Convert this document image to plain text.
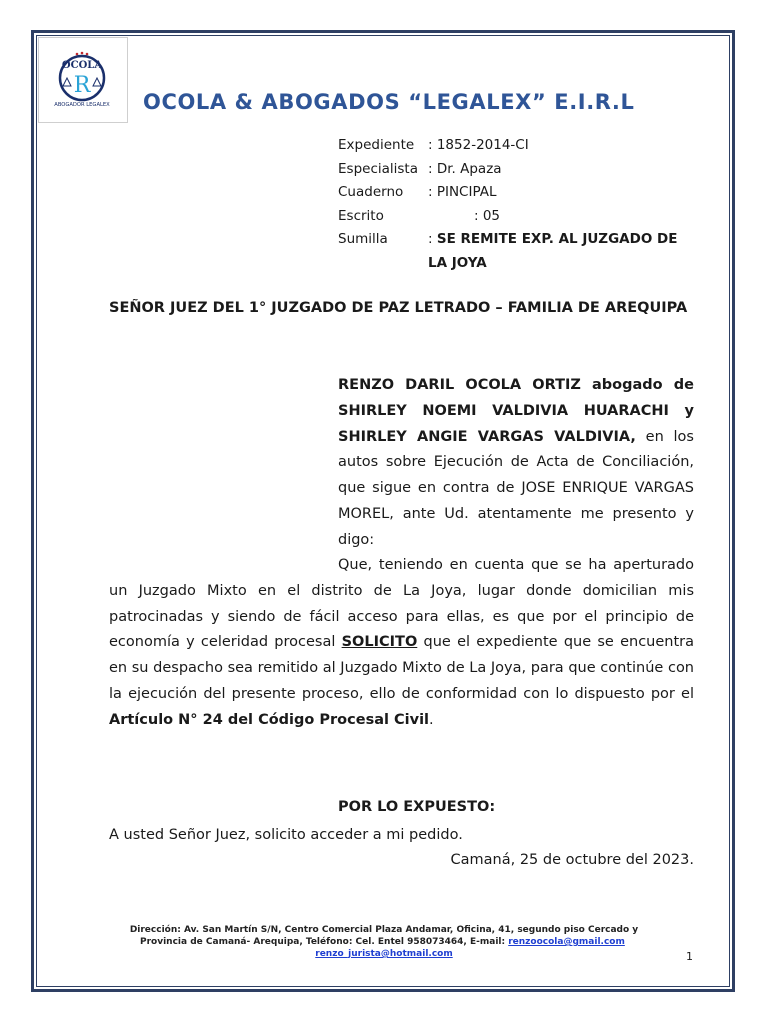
OCOLA
R
ABOGADOR LEGALEX OCOLA & ABOGADOS “LEGALEX” E.I.R.L
Expediente	: 1852-2014-CI
Especialista : Dr. Apaza
Cuaderno	: PINCIPAL
Escrito	: 05
Sumilla	: SE REMITE EXP. AL JUZGADO DE LA JOYA
SEÑOR JUEZ DEL 1° JUZGADO DE PAZ LETRADO – FAMILIA DE AREQUIPA
RENZO DARIL OCOLA ORTIZ abogado de SHIRLEY NOEMI VALDIVIA HUARACHI y SHIRLEY ANGIE VARGAS VALDIVIA, en los autos sobre Ejecución de Acta de Conciliación, que sigue en contra de JOSE ENRIQUE VARGAS MOREL, ante Ud. atentamente me presento y digo:
Que, teniendo en cuenta que se ha aperturado un Juzgado Mixto en el distrito de La Joya, lugar donde domicilian mis patrocinadas y siendo de fácil acceso para ellas, es que por el principio de economía y celeridad procesal SOLICITO que el expediente que se encuentra en su despacho sea remitido al Juzgado Mixto de La Joya, para que continúe con la ejecución del presente proceso, ello de conformidad con lo dispuesto por el Artículo N° 24 del Código Procesal Civil.
POR LO EXPUESTO:
A usted Señor Juez, solicito acceder a mi pedido.
Camaná, 25 de octubre del 2023.
Dirección: Av. San Martín S/N, Centro Comercial Plaza Andamar, Oficina, 41, segundo piso Cercado y Provincia de Camaná- Arequipa, Teléfono: Cel. Entel 958073464, E-mail: renzoocola@gmail.com  renzo_jurista@hotmail.com	1
